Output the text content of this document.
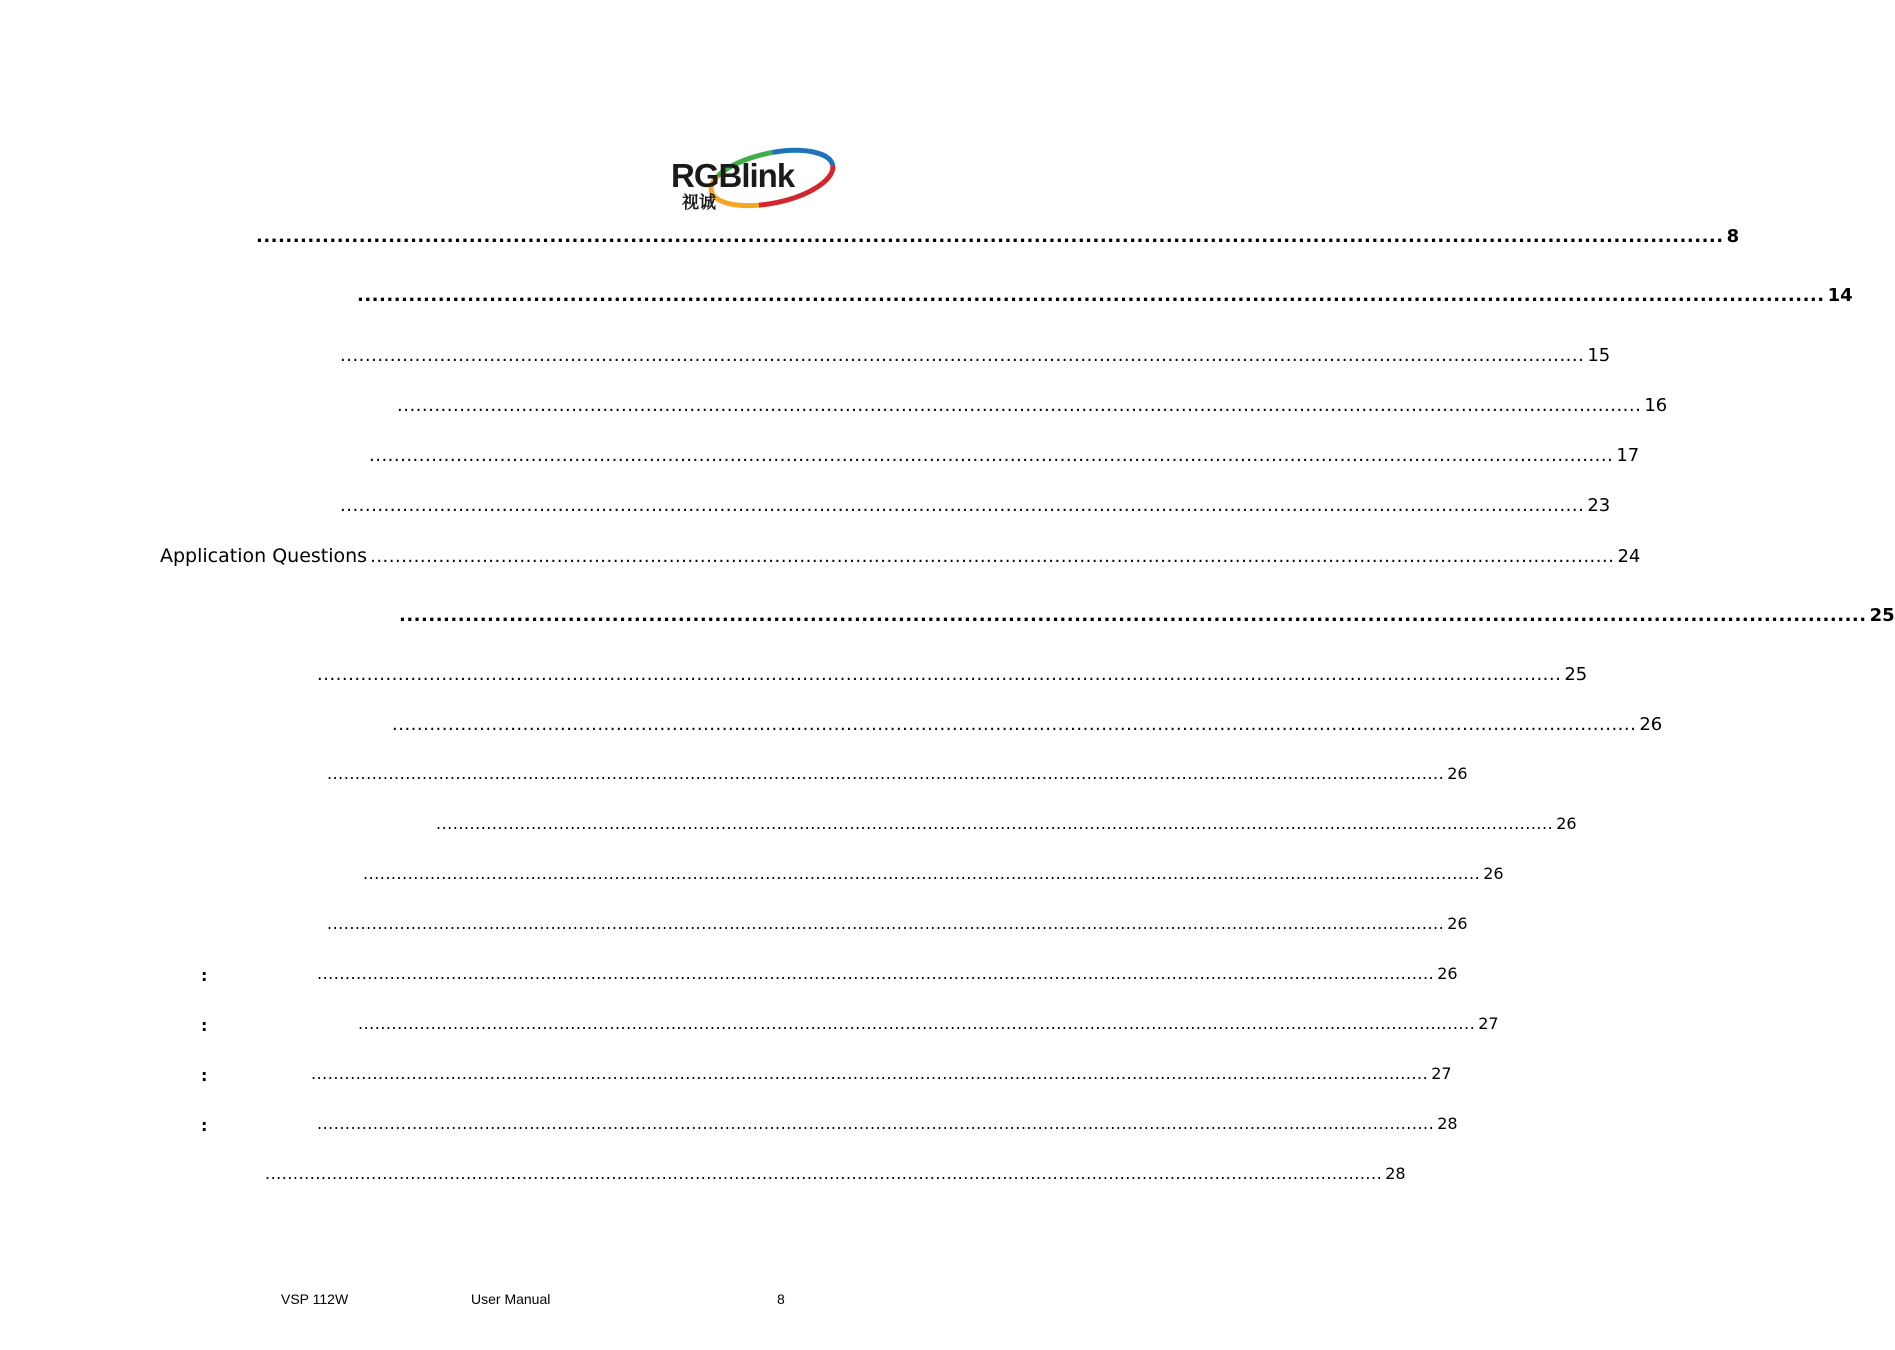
RGBlink
视诚
........................................................................................................................................................................................................ 8
........................................................................................................................................................................................................ 14
........................................................................................................................................................................................................ 15
........................................................................................................................................................................................................ 16
........................................................................................................................................................................................................ 17
........................................................................................................................................................................................................ 23
Application Questions ........................................................................................................................................................................................................ 24
........................................................................................................................................................................................................ 25
........................................................................................................................................................................................................ 25
........................................................................................................................................................................................................ 26
........................................................................................................................................................................................................ 26
........................................................................................................................................................................................................ 26
........................................................................................................................................................................................................ 26
........................................................................................................................................................................................................ 26
........................................................................................................................................................................................................ 26
........................................................................................................................................................................................................ 27
........................................................................................................................................................................................................ 27
........................................................................................................................................................................................................ 28
........................................................................................................................................................................................................ 28
:
:
:
:
VSP 112W	User Manual	8
